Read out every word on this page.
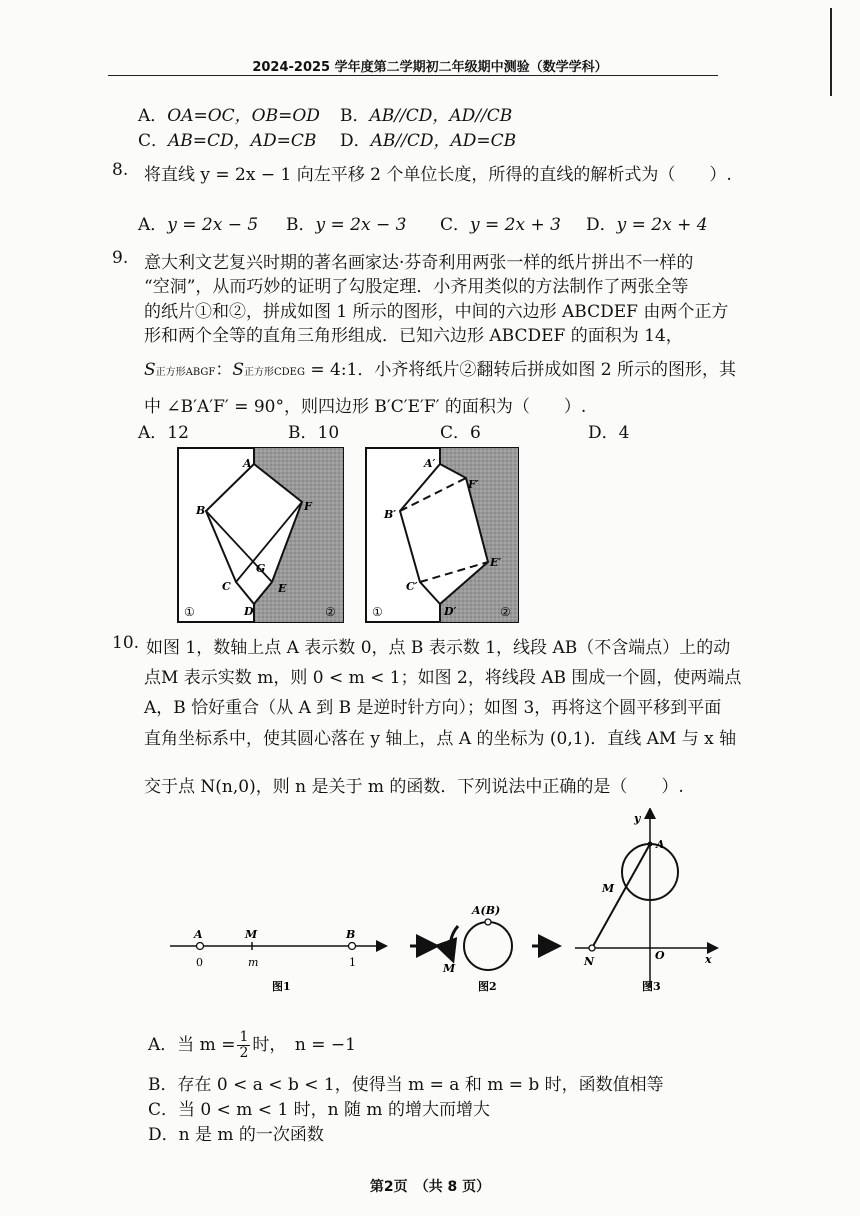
2024-2025 学年度第二学期初二年级期中测验（数学学科）
A．OA=OC，OB=OD B．AB//CD，AD//CB
C．AB=CD，AD=CB D．AB//CD，AD=CB
8. 将直线 y = 2x − 1 向左平移 2 个单位长度，所得的直线的解析式为（　　）.
A．y = 2x − 5 B．y = 2x − 3 C．y = 2x + 3 D．y = 2x + 4
9. 意大利文艺复兴时期的著名画家达·芬奇利用两张一样的纸片拼出不一样的
“空洞”，从而巧妙的证明了勾股定理．小齐用类似的方法制作了两张全等
的纸片①和②，拼成如图 1 所示的图形，中间的六边形 ABCDEF 由两个正方
形和两个全等的直角三角形组成．已知六边形 ABCDEF 的面积为 14，
S正方形ABGF：S正方形CDEG = 4:1．小齐将纸片②翻转后拼成如图 2 所示的图形，其
中 ∠B′A′F′ = 90°，则四边形 B′C′E′F′ 的面积为（　　）.
A．12	B．10	C．6	D．4
A
B	F
G
C	E
D
①	②
A′
F′
B′
E′
C′
D′
①	②
10. 如图 1，数轴上点 A 表示数 0，点 B 表示数 1，线段 AB（不含端点）上的动
点M 表示实数 m，则 0 < m < 1；如图 2，将线段 AB 围成一个圆，使两端点
A，B 恰好重合（从 A 到 B 是逆时针方向）；如图 3，再将这个圆平移到平面
直角坐标系中，使其圆心落在 y 轴上，点 A 的坐标为 (0,1)．直线 AM 与 x 轴
交于点 N(n,0)，则 n 是关于 m 的函数．下列说法中正确的是（　　）.
A	M	B
0	m	1
图1
A(B)
M
图2
y
A
M
N	O	x
图3
A．当 $m = \frac{1}{2}$ 时，　n = −1
B．存在 0 < a < b < 1，使得当 m = a 和 m = b 时，函数值相等
C．当 0 < m < 1 时，n 随 m 的增大而增大
D．n 是 m 的一次函数
第2页　（共 8 页）
